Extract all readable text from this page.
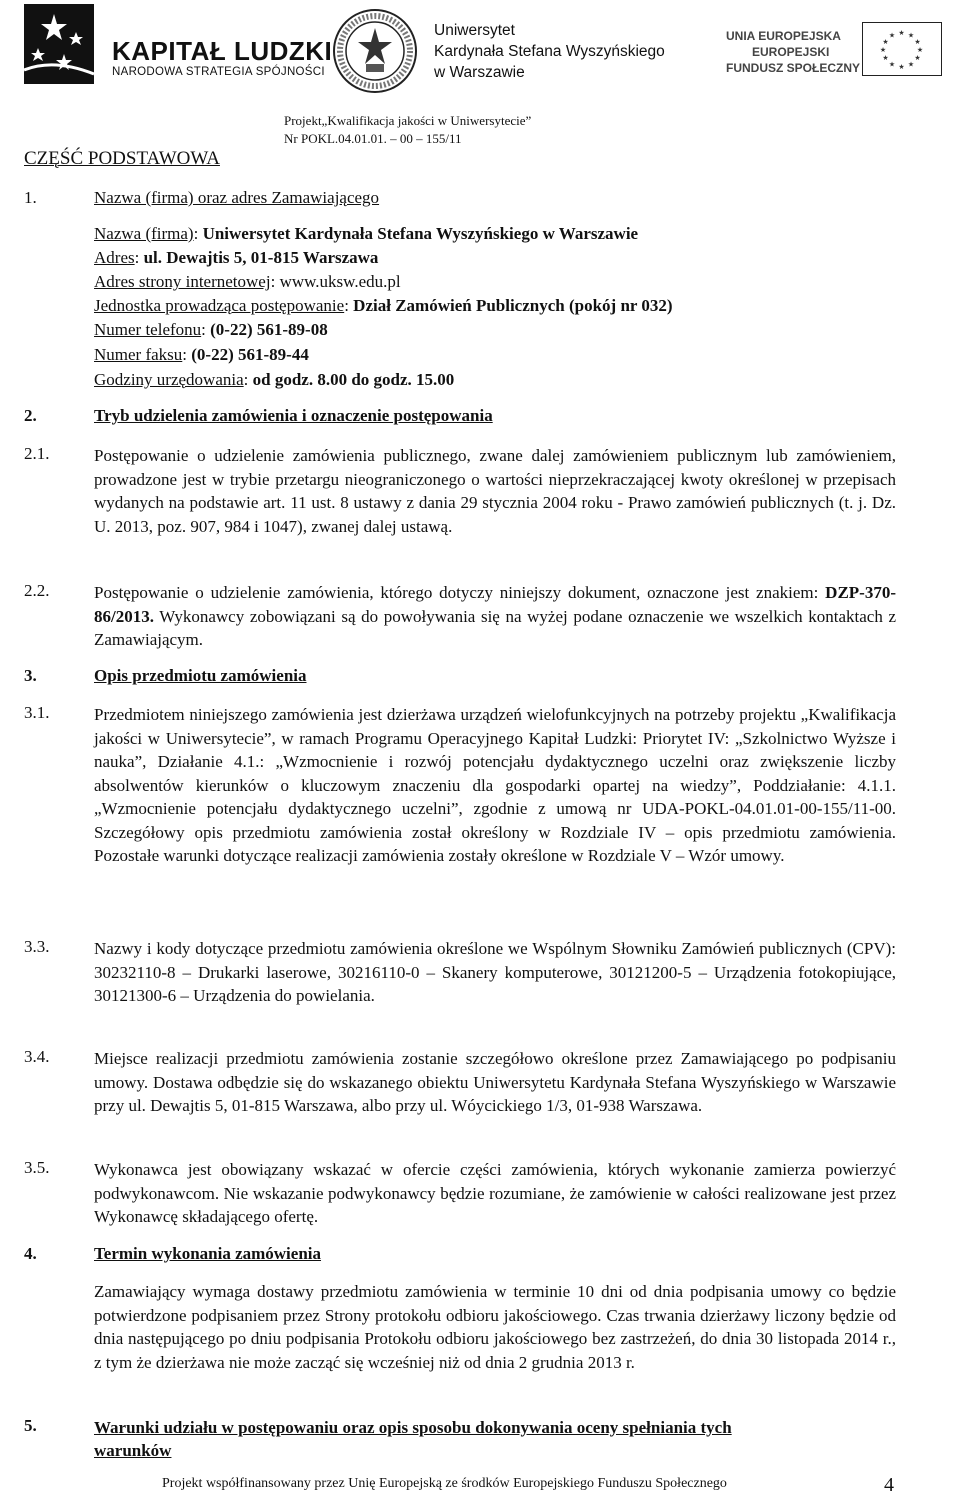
KAPITAŁ LUDZKI
NARODOWA STRATEGIA SPÓJNOŚCI
Uniwersytet
Kardynała Stefana Wyszyńskiego
w Warszawie
UNIA EUROPEJSKA
EUROPEJSKI
FUNDUSZ SPOŁECZNY
★ ★
★
★
★
★
★
★
★
★
★
★
Projekt„Kwalifikacja jakości w Uniwersytecie”
Nr POKL.04.01.01. – 00 – 155/11
CZĘŚĆ PODSTAWOWA
1.	Nazwa (firma) oraz adres Zamawiającego
Nazwa (firma): Uniwersytet Kardynała Stefana Wyszyńskiego w Warszawie
Adres: ul. Dewajtis 5, 01-815 Warszawa
Adres strony internetowej: www.uksw.edu.pl
Jednostka prowadząca postępowanie: Dział Zamówień Publicznych (pokój nr 032)
Numer telefonu: (0-22) 561-89-08
Numer faksu: (0-22) 561-89-44
Godziny urzędowania: od godz. 8.00 do godz. 15.00
2.	Tryb udzielenia zamówienia i oznaczenie postępowania
2.1.	Postępowanie o udzielenie zamówienia publicznego, zwane dalej zamówieniem publicznym lub zamówieniem, prowadzone jest w trybie przetargu nieograniczonego o wartości nieprzekraczającej kwoty określonej w przepisach wydanych na podstawie art. 11 ust. 8 ustawy z dania 29 stycznia 2004 roku - Prawo zamówień publicznych (t. j. Dz. U. 2013, poz. 907, 984 i 1047), zwanej dalej ustawą.
2.2.	Postępowanie o udzielenie zamówienia, którego dotyczy niniejszy dokument, oznaczone jest znakiem: DZP-370-86/2013. Wykonawcy zobowiązani są do powoływania się na wyżej podane oznaczenie we wszelkich kontaktach z Zamawiającym.
3.	Opis przedmiotu zamówienia
3.1.	Przedmiotem niniejszego zamówienia jest dzierżawa urządzeń wielofunkcyjnych na potrzeby projektu „Kwalifikacja jakości w Uniwersytecie”, w ramach Programu Operacyjnego Kapitał Ludzki: Priorytet IV: „Szkolnictwo Wyższe i nauka”, Działanie 4.1.: „Wzmocnienie i rozwój potencjału dydaktycznego uczelni oraz zwiększenie liczby absolwentów kierunków o kluczowym znaczeniu dla gospodarki opartej na wiedzy”, Poddziałanie: 4.1.1. „Wzmocnienie potencjału dydaktycznego uczelni”, zgodnie z umową nr UDA-POKL-04.01.01-00-155/11-00. Szczegółowy opis przedmiotu zamówienia został określony w Rozdziale IV – opis przedmiotu zamówienia. Pozostałe warunki dotyczące realizacji zamówienia zostały określone w Rozdziale V – Wzór umowy.
3.3.	Nazwy i kody dotyczące przedmiotu zamówienia określone we Wspólnym Słowniku Zamówień publicznych (CPV): 30232110-8 – Drukarki laserowe, 30216110-0 – Skanery komputerowe, 30121200-5 – Urządzenia fotokopiujące, 30121300-6 – Urządzenia do powielania.
3.4.	Miejsce realizacji przedmiotu zamówienia zostanie szczegółowo określone przez Zamawiającego po podpisaniu umowy. Dostawa odbędzie się do wskazanego obiektu Uniwersytetu Kardynała Stefana Wyszyńskiego w Warszawie przy ul. Dewajtis 5, 01-815 Warszawa, albo przy ul. Wóycickiego 1/3, 01-938 Warszawa.
3.5.	Wykonawca jest obowiązany wskazać w ofercie części zamówienia, których wykonanie zamierza powierzyć podwykonawcom. Nie wskazanie podwykonawcy będzie rozumiane, że zamówienie w całości realizowane jest przez Wykonawcę składającego ofertę.
4.	Termin wykonania zamówienia
Zamawiający wymaga dostawy przedmiotu zamówienia w terminie 10 dni od dnia podpisania umowy co będzie potwierdzone podpisaniem przez Strony protokołu odbioru jakościowego. Czas trwania dzierżawy liczony będzie od dnia następującego po dniu podpisania Protokołu odbioru jakościowego bez zastrzeżeń, do dnia 30 listopada 2014 r., z tym że dzierżawa nie może zacząć się wcześniej niż od dnia 2 grudnia 2013 r.
5.	Warunki udziału w postępowaniu oraz opis sposobu dokonywania oceny spełniania tych
warunków
Projekt współfinansowany przez Unię Europejską ze środków Europejskiego Funduszu Społecznego	4
